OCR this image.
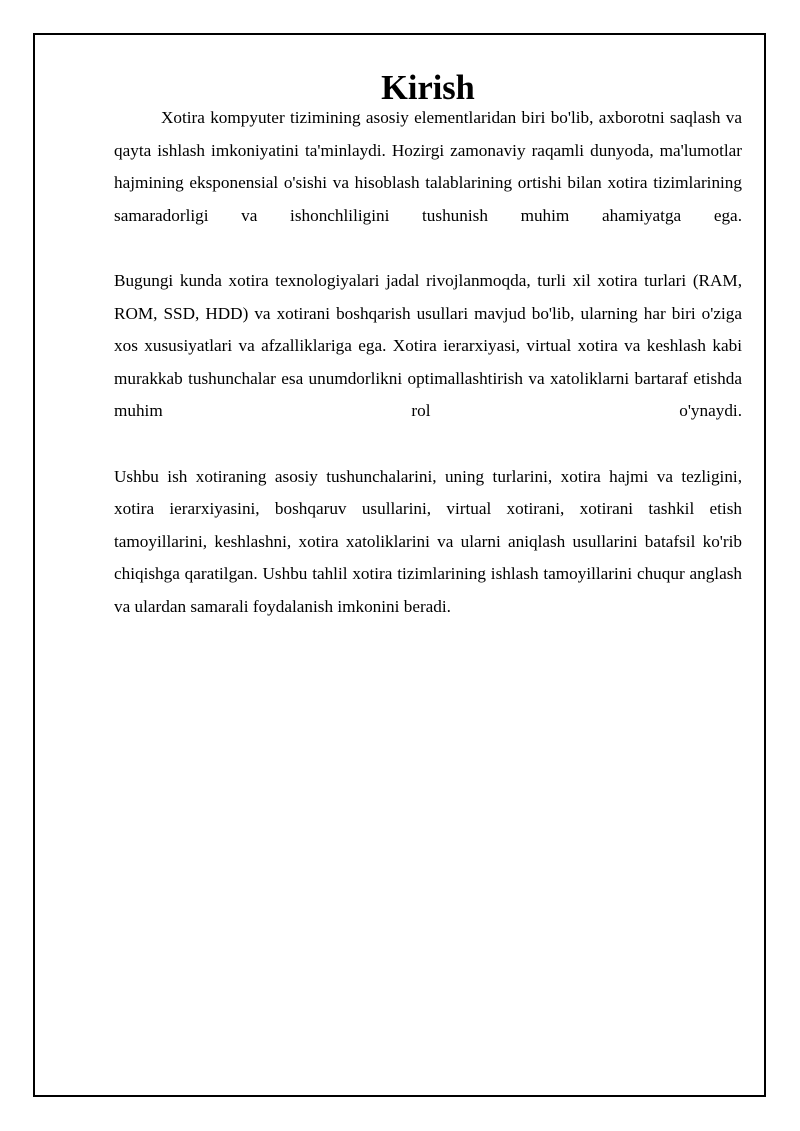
Kirish

Xotira kompyuter tizimining asosiy elementlaridan biri bo'lib, axborotni saqlash va qayta ishlash imkoniyatini ta'minlaydi. Hozirgi zamonaviy raqamli dunyoda, ma'lumotlar hajmining eksponensial o'sishi va hisoblash talablarining ortishi bilan xotira tizimlarining samaradorligi va ishonchliligini tushunish muhim ahamiyatga ega.

Bugungi kunda xotira texnologiyalari jadal rivojlanmoqda, turli xil xotira turlari (RAM, ROM, SSD, HDD) va xotirani boshqarish usullari mavjud bo'lib, ularning har biri o'ziga xos xususiyatlari va afzalliklariga ega. Xotira ierarxiyasi, virtual xotira va keshlash kabi murakkab tushunchalar esa unumdorlikni optimallashtirish va xatoliklarni bartaraf etishda muhim rol o'ynaydi.

Ushbu ish xotiraning asosiy tushunchalarini, uning turlarini, xotira hajmi va tezligini, xotira ierarxiyasini, boshqaruv usullarini, virtual xotirani, xotirani tashkil etish tamoyillarini, keshlashni, xotira xatoliklarini va ularni aniqlash usullarini batafsil ko'rib chiqishga qaratilgan. Ushbu tahlil xotira tizimlarining ishlash tamoyillarini chuqur anglash va ulardan samarali foydalanish imkonini beradi.
